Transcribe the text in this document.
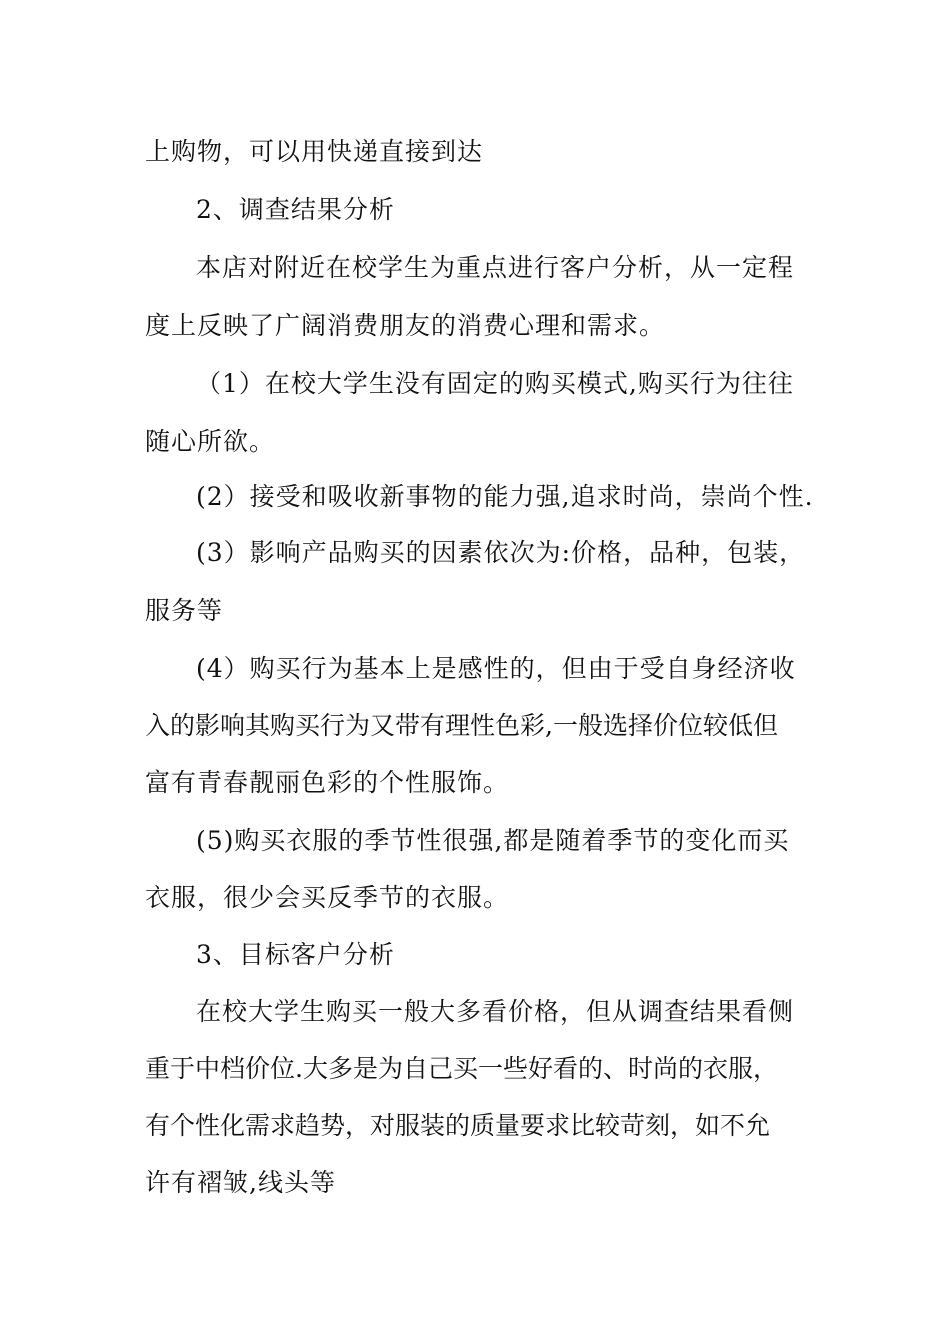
上购物，可以用快递直接到达
2、调查结果分析
本店对附近在校学生为重点进行客户分析，从一定程
度上反映了广阔消费朋友的消费心理和需求。
（1）在校大学生没有固定的购买模式,购买行为往往
随心所欲。
(2）接受和吸收新事物的能力强,追求时尚，崇尚个性.
(3）影响产品购买的因素依次为:价格，品种，包装，
服务等
(4）购买行为基本上是感性的，但由于受自身经济收
入的影响其购买行为又带有理性色彩,一般选择价位较低但
富有青春靓丽色彩的个性服饰。
(5)购买衣服的季节性很强,都是随着季节的变化而买
衣服，很少会买反季节的衣服。
3、目标客户分析
在校大学生购买一般大多看价格，但从调查结果看侧
重于中档价位.大多是为自己买一些好看的、时尚的衣服，
有个性化需求趋势，对服装的质量要求比较苛刻，如不允
许有褶皱,线头等
